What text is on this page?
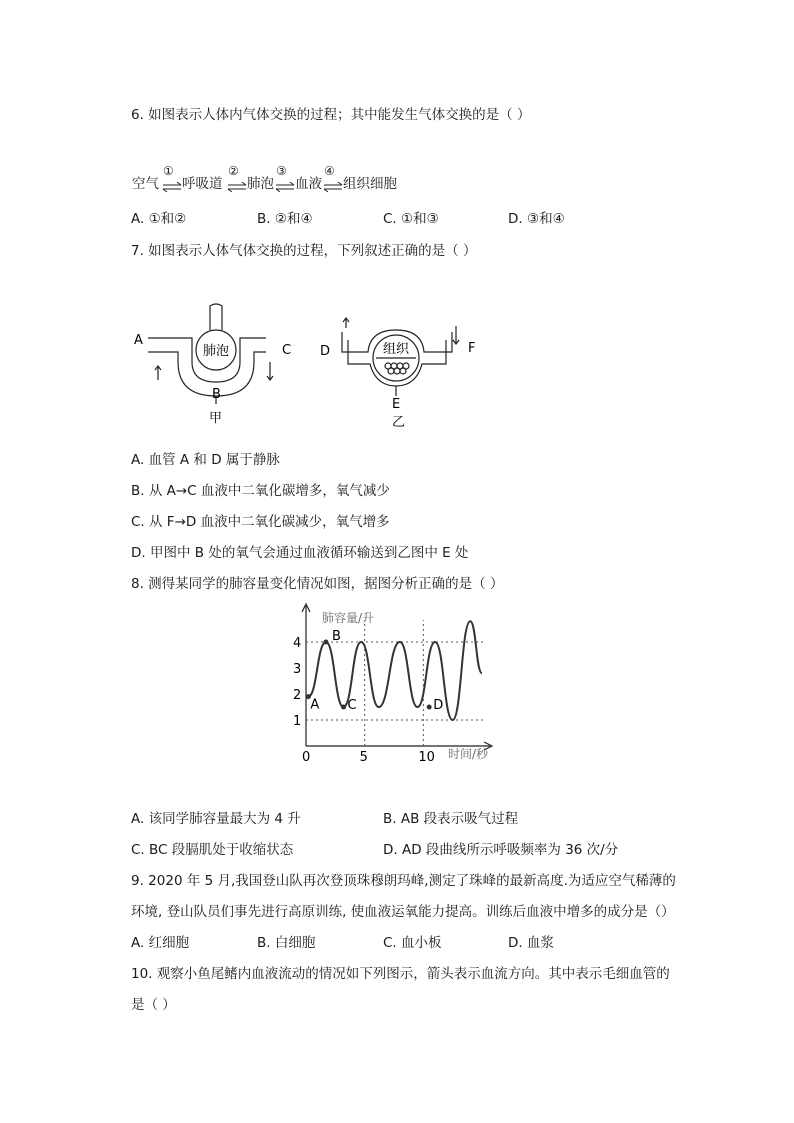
6. 如图表示人体内气体交换的过程；其中能发生气体交换的是（ ）
空气
①
呼吸道
②
肺泡
③
血液
④
组织细胞
A. ①和②	B. ②和④	C. ①和③	D. ③和④
7. 如图表示人体气体交换的过程，下列叙述正确的是（ ）
肺泡
A
C
B
甲
组织
D	F
E
乙
A. 血管 A 和 D 属于静脉
B. 从 A→C 血液中二氧化碳增多，氧气减少
C. 从 F→D 血液中二氧化碳减少，氧气增多
D. 甲图中 B 处的氧气会通过血液循环输送到乙图中 E 处
8. 测得某同学的肺容量变化情况如图，据图分析正确的是（ ）
1
2
3
4
0	5	10
A
B
C	D
肺容量/升
时间/秒
A. 该同学肺容量最大为 4 升	B. AB 段表示吸气过程
C. BC 段膈肌处于收缩状态	D. AD 段曲线所示呼吸频率为 36 次/分
9. 2020 年 5 月,我国登山队再次登顶珠穆朗玛峰,测定了珠峰的最新高度.为适应空气稀薄的
环境, 登山队员们事先进行高原训练, 使血液运氧能力提高。训练后血液中增多的成分是（）
A. 红细胞	B. 白细胞	C. 血小板	D. 血浆
10. 观察小鱼尾鳍内血液流动的情况如下列图示，箭头表示血流方向。其中表示毛细血管的
是（ ）
